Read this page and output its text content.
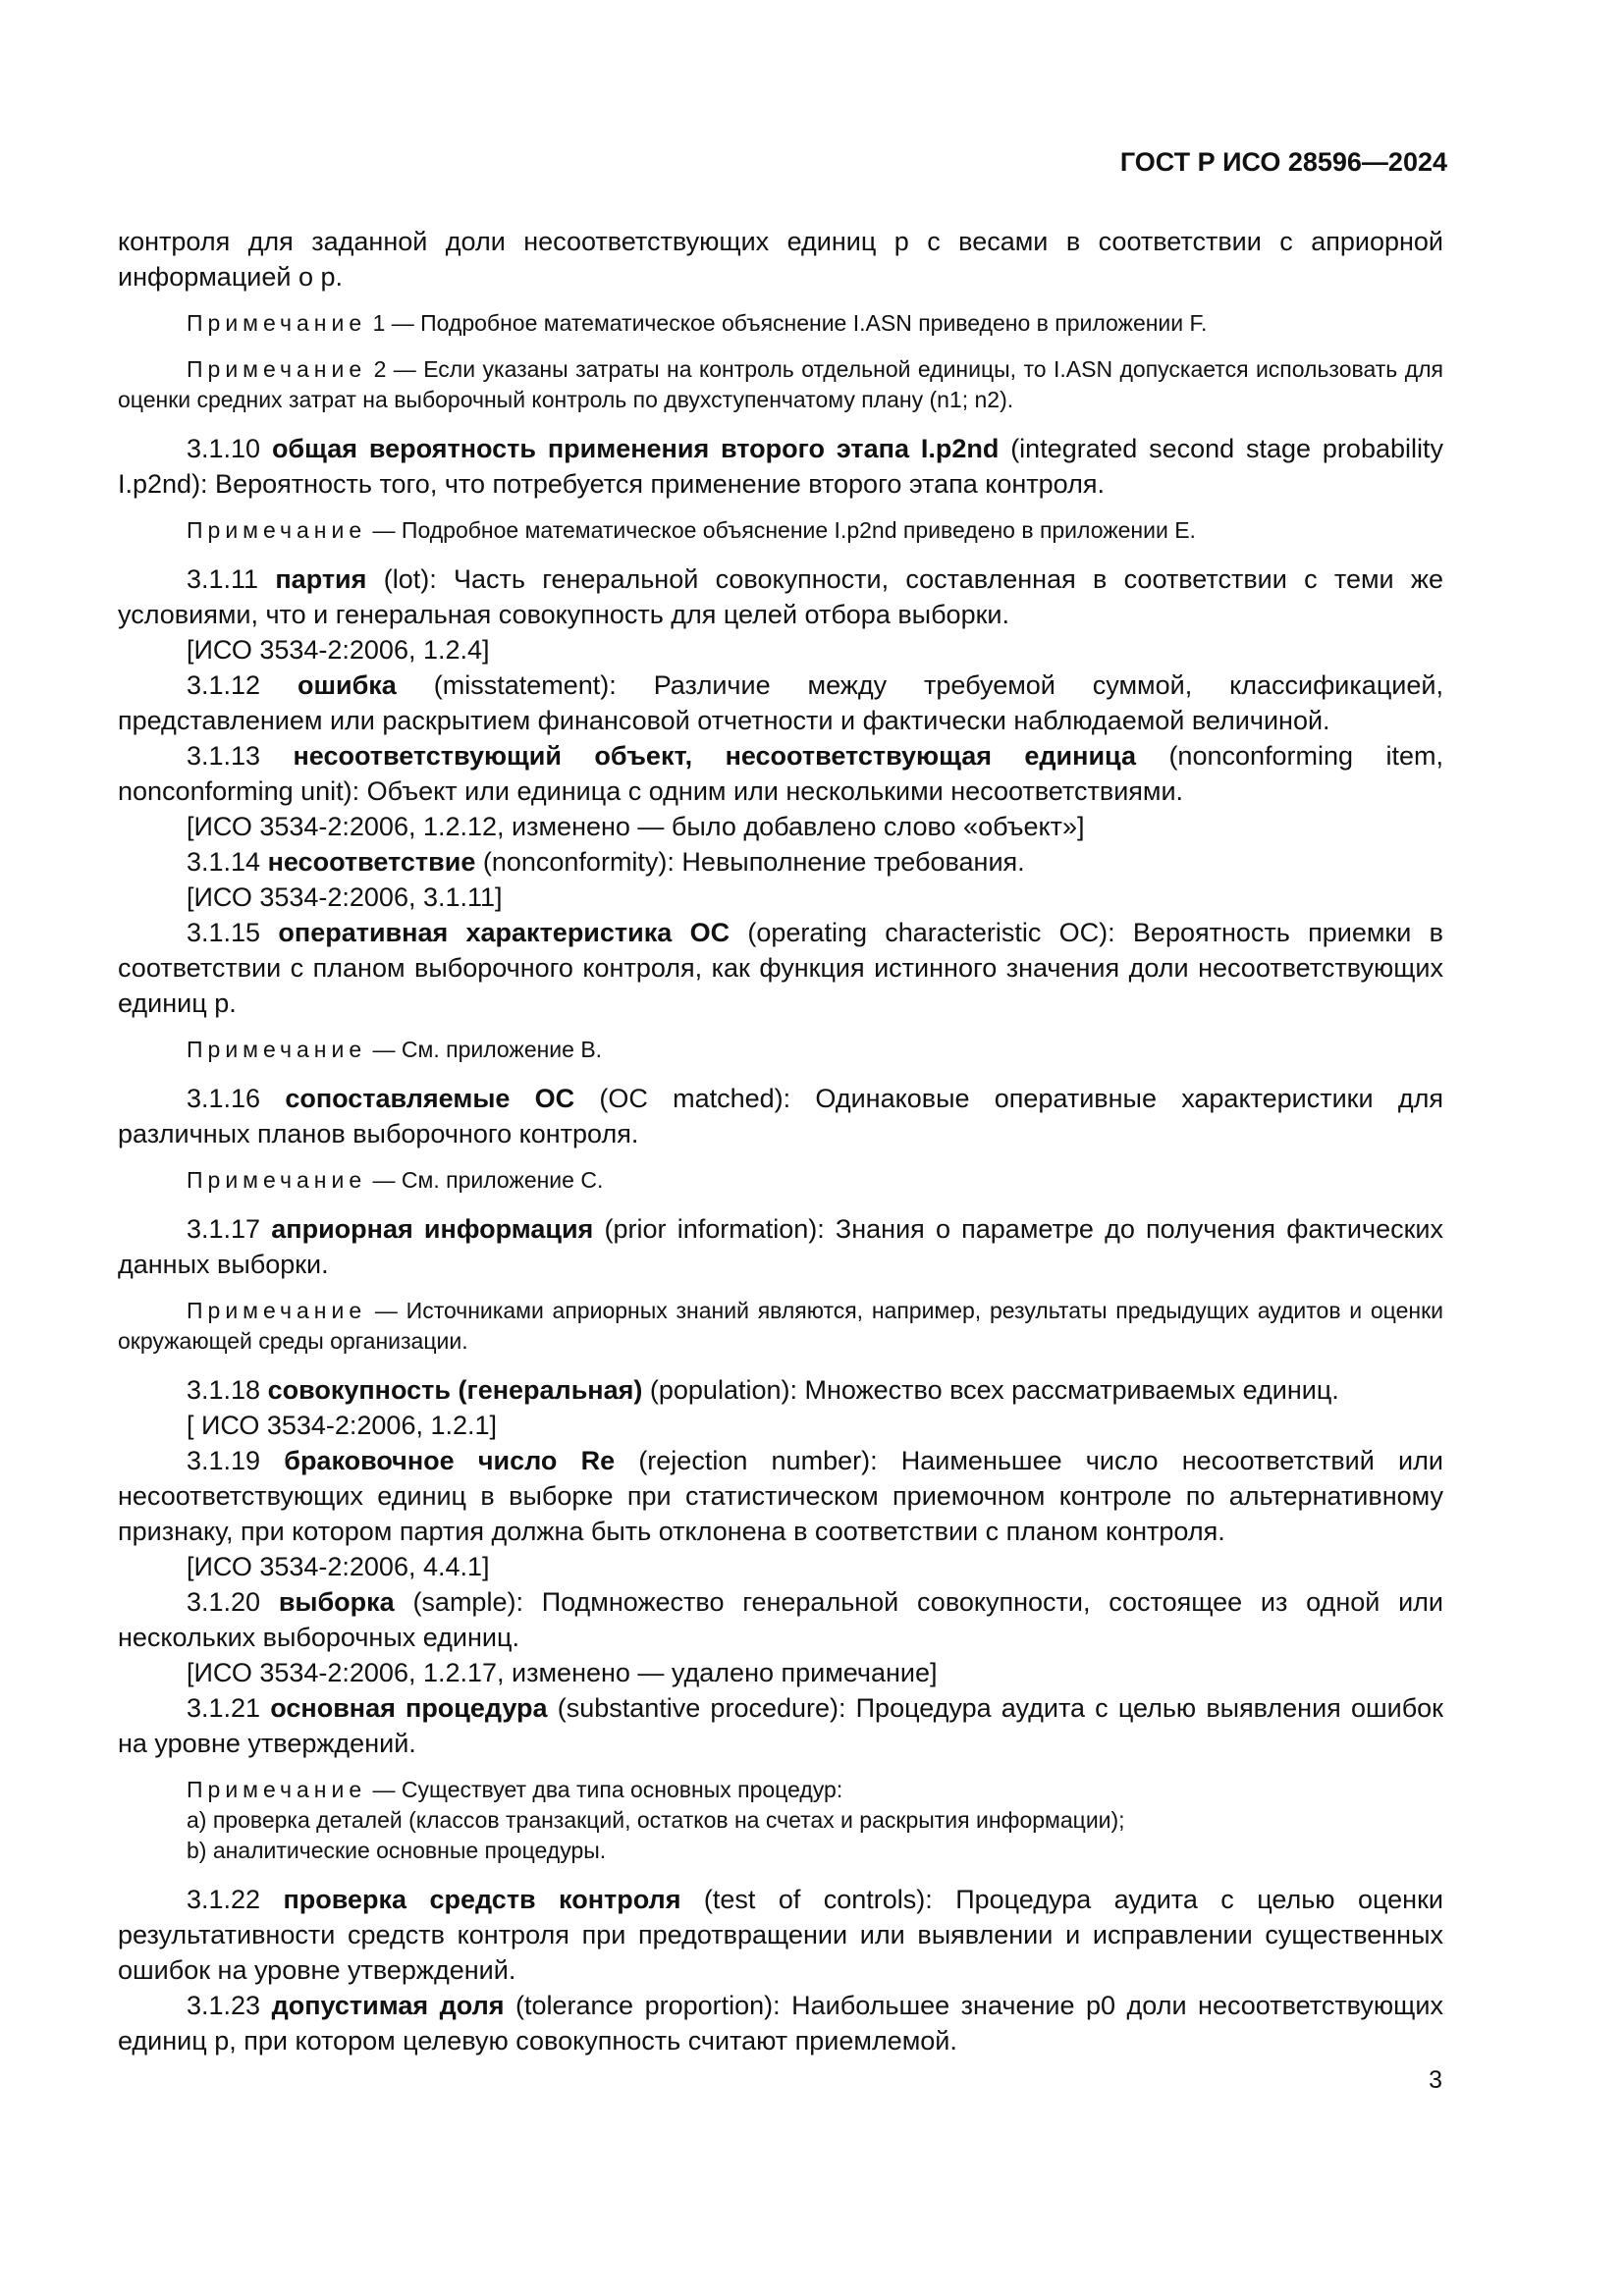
ГОСТ Р ИСО 28596—2024

контроля для заданной доли несоответствующих единиц p с весами в соответствии с априорной информацией о p.

Примечание 1 — Подробное математическое объяснение I.ASN приведено в приложении F.

Примечание 2 — Если указаны затраты на контроль отдельной единицы, то I.ASN допускается использовать для оценки средних затрат на выборочный контроль по двухступенчатому плану (n1; n2).

3.1.10 общая вероятность применения второго этапа I.p2nd (integrated second stage probability I.p2nd): Вероятность того, что потребуется применение второго этапа контроля.

Примечание — Подробное математическое объяснение I.p2nd приведено в приложении E.

3.1.11 партия (lot): Часть генеральной совокупности, составленная в соответствии с теми же условиями, что и генеральная совокупность для целей отбора выборки.

[ИСО 3534-2:2006, 1.2.4]

3.1.12 ошибка (misstatement): Различие между требуемой суммой, классификацией, представлением или раскрытием финансовой отчетности и фактически наблюдаемой величиной.

3.1.13 несоответствующий объект, несоответствующая единица (nonconforming item, nonconforming unit): Объект или единица с одним или несколькими несоответствиями.

[ИСО 3534-2:2006, 1.2.12, изменено — было добавлено слово «объект»]

3.1.14 несоответствие (nonconformity): Невыполнение требования.

[ИСО 3534-2:2006, 3.1.11]

3.1.15 оперативная характеристика ОС (operating characteristic OC): Вероятность приемки в соответствии с планом выборочного контроля, как функция истинного значения доли несоответствующих единиц p.

Примечание — См. приложение В.

3.1.16 сопоставляемые ОС (OC matched): Одинаковые оперативные характеристики для различных планов выборочного контроля.

Примечание — См. приложение С.

3.1.17 априорная информация (prior information): Знания о параметре до получения фактических данных выборки.

Примечание — Источниками априорных знаний являются, например, результаты предыдущих аудитов и оценки окружающей среды организации.

3.1.18 совокупность (генеральная) (population): Множество всех рассматриваемых единиц.

[ ИСО 3534-2:2006, 1.2.1]

3.1.19 браковочное число Re (rejection number): Наименьшее число несоответствий или несоответствующих единиц в выборке при статистическом приемочном контроле по альтернативному признаку, при котором партия должна быть отклонена в соответствии с планом контроля.

[ИСО 3534-2:2006, 4.4.1]

3.1.20 выборка (sample): Подмножество генеральной совокупности, состоящее из одной или нескольких выборочных единиц.

[ИСО 3534-2:2006, 1.2.17, изменено — удалено примечание]

3.1.21 основная процедура (substantive procedure): Процедура аудита с целью выявления ошибок на уровне утверждений.

Примечание — Существует два типа основных процедур:
а) проверка деталей (классов транзакций, остатков на счетах и раскрытия информации);
b) аналитические основные процедуры.

3.1.22 проверка средств контроля (test of controls): Процедура аудита с целью оценки результативности средств контроля при предотвращении или выявлении и исправлении существенных ошибок на уровне утверждений.

3.1.23 допустимая доля (tolerance proportion): Наибольшее значение p0 доли несоответствующих единиц p, при котором целевую совокупность считают приемлемой.

3
